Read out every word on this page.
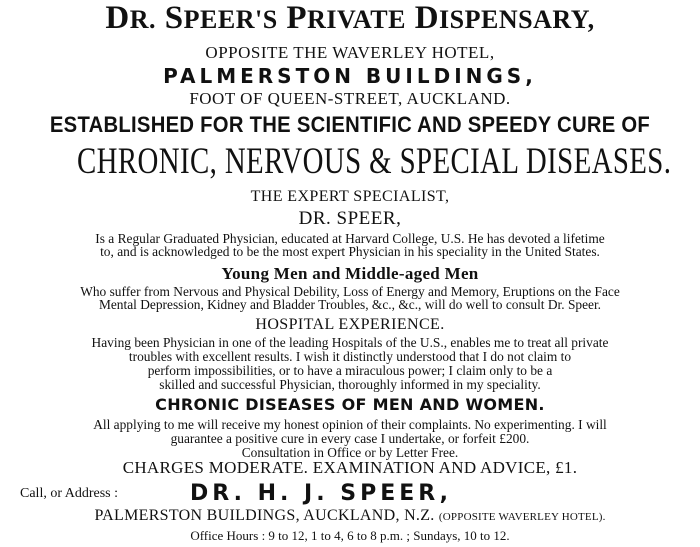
DR. SPEER'S PRIVATE DISPENSARY,
OPPOSITE THE WAVERLEY HOTEL,
PALMERSTON BUILDINGS,
FOOT OF QUEEN-STREET, AUCKLAND.
ESTABLISHED FOR THE SCIENTIFIC AND SPEEDY CURE OF
CHRONIC, NERVOUS & SPECIAL DISEASES.
THE EXPERT SPECIALIST,
DR. SPEER,
Is a Regular Graduated Physician, educated at Harvard College, U.S. He has devoted a lifetime
to, and is acknowledged to be the most expert Physician in his speciality in the United States.
Young Men and Middle-aged Men
Who suffer from Nervous and Physical Debility, Loss of Energy and Memory, Eruptions on the Face
Mental Depression, Kidney and Bladder Troubles, &c., &c., will do well to consult Dr. Speer.
HOSPITAL EXPERIENCE.
Having been Physician in one of the leading Hospitals of the U.S., enables me to treat all private
troubles with excellent results. I wish it distinctly understood that I do not claim to
perform impossibilities, or to have a miraculous power; I claim only to be a
skilled and successful Physician, thoroughly informed in my speciality.
CHRONIC DISEASES OF MEN AND WOMEN.
All applying to me will receive my honest opinion of their complaints. No experimenting. I will
guarantee a positive cure in every case I undertake, or forfeit £200.
Consultation in Office or by Letter Free.
CHARGES MODERATE. EXAMINATION AND ADVICE, £1.
Call, or Address :	DR. H. J. SPEER,
PALMERSTON BUILDINGS, AUCKLAND, N.Z. (OPPOSITE WAVERLEY HOTEL).
Office Hours : 9 to 12, 1 to 4, 6 to 8 p.m. ; Sundays, 10 to 12.
